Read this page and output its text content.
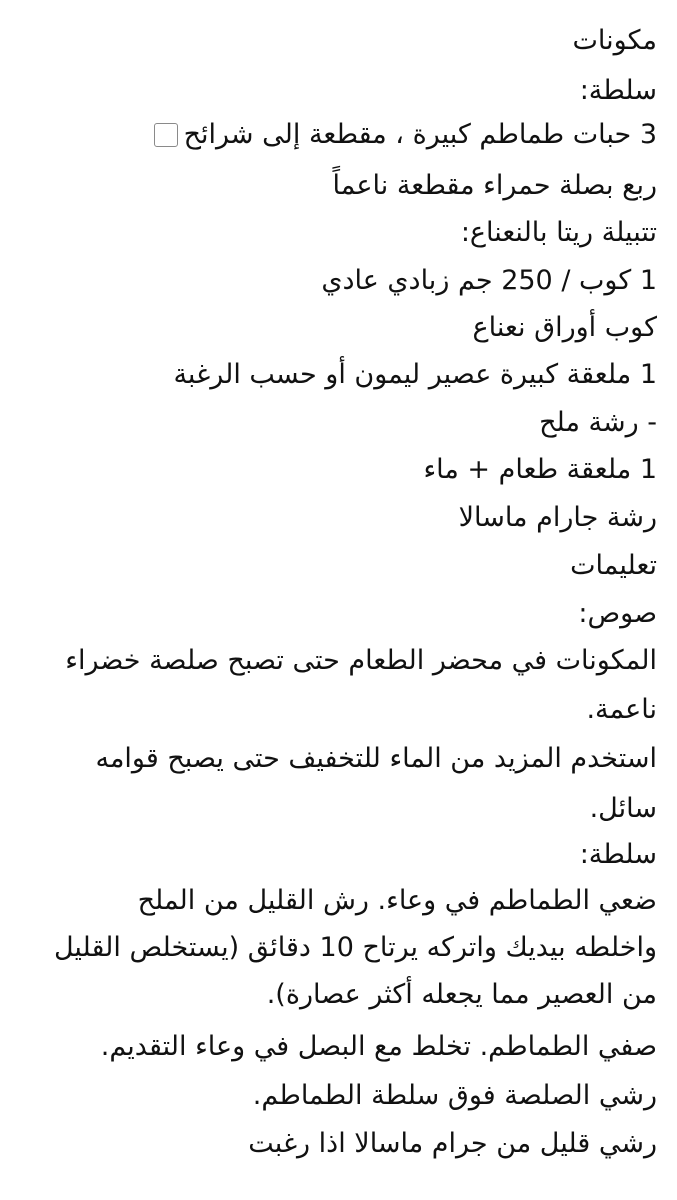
مكونات
سلطة:
3 حبات طماطم كبيرة ، مقطعة إلى شرائح
ربع بصلة حمراء مقطعة ناعماً
تتبيلة ريتا بالنعناع:
1 كوب / 250 جم زبادي عادي
كوب أوراق نعناع
1 ملعقة كبيرة عصير ليمون أو حسب الرغبة
- رشة ملح
1 ملعقة طعام + ماء
رشة جارام ماسالا
تعليمات
صوص:
المكونات في محضر الطعام حتى تصبح صلصة خضراء
ناعمة.
استخدم المزيد من الماء للتخفيف حتى يصبح قوامه
سائل.
سلطة:
ضعي الطماطم في وعاء. رش القليل من الملح
واخلطه بيديك واتركه يرتاح 10 دقائق (يستخلص القليل
من العصير مما يجعله أكثر عصارة).
صفي الطماطم. تخلط مع البصل في وعاء التقديم.
رشي الصلصة فوق سلطة الطماطم.
رشي قليل من جرام ماسالا اذا رغبت
